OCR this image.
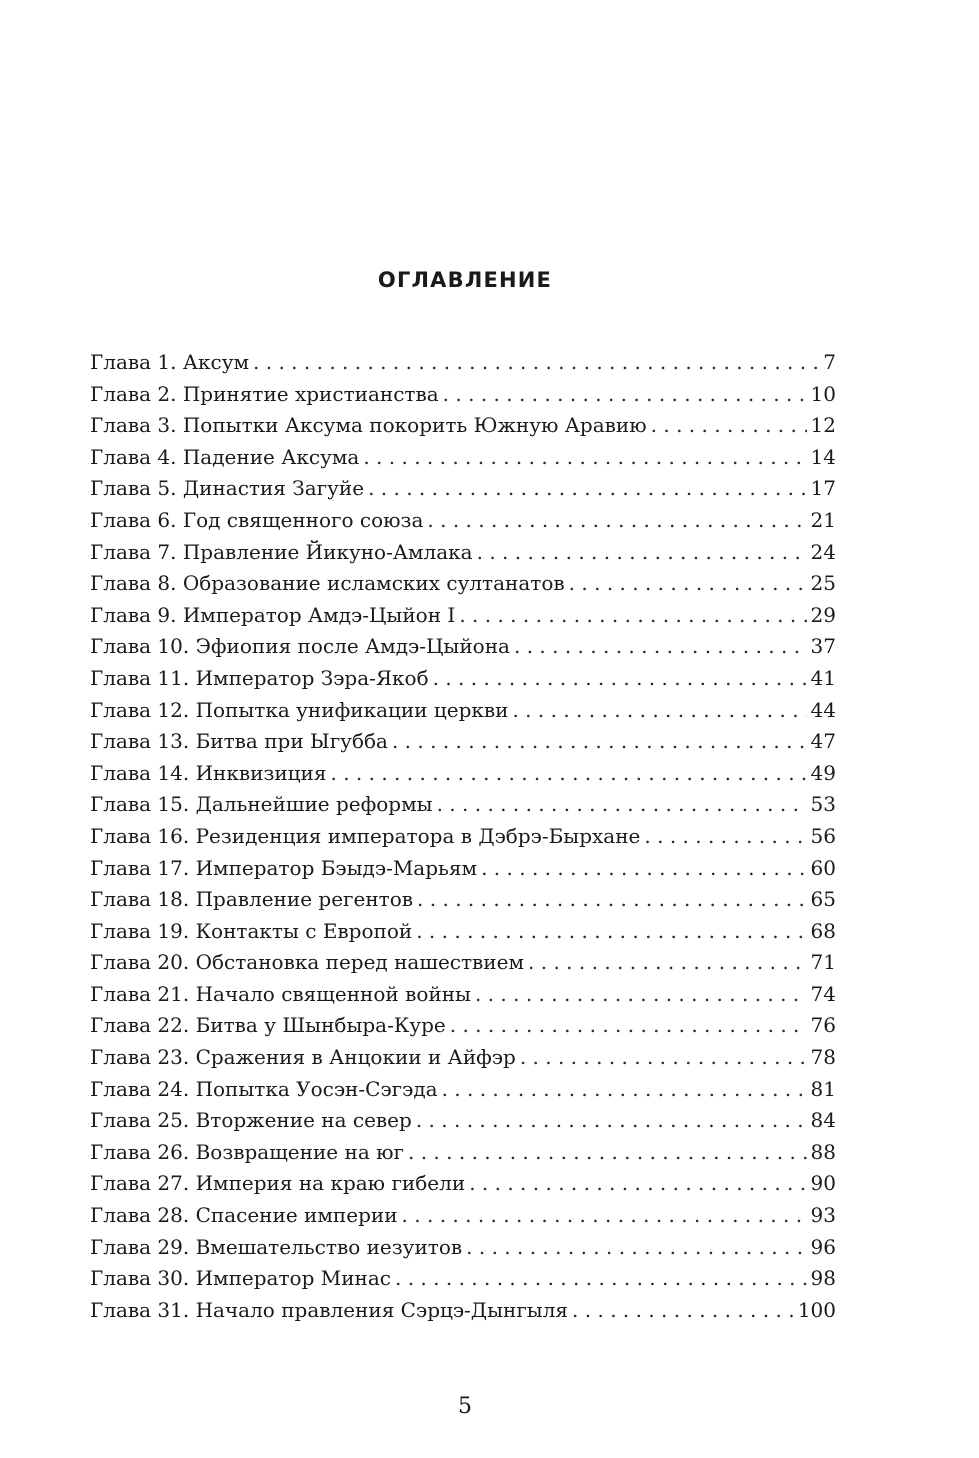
ОГЛАВЛЕНИЕ
Глава 1. Аксум . . .	7
Глава 2. Принятие христианства . . .	10
Глава 3. Попытки Аксума покорить Южную Аравию . . .	12
Глава 4. Падение Аксума . . .	14
Глава 5. Династия Загуйе . . .	17
Глава 6. Год священного союза . . .	21
Глава 7. Правление Йикуно-Амлака . . .	24
Глава 8. Образование исламских султанатов . . .	25
Глава 9. Император Амдэ-Цыйон I . . .	29
Глава 10. Эфиопия после Амдэ-Цыйона . . .	37
Глава 11. Император Зэра-Якоб . . .	41
Глава 12. Попытка унификации церкви . . .	44
Глава 13. Битва при Ыгубба . . .	47
Глава 14. Инквизиция . . .	49
Глава 15. Дальнейшие реформы . . .	53
Глава 16. Резиденция императора в Дэбрэ-Бырхане . . .	56
Глава 17. Император Бэыдэ-Марьям . . .	60
Глава 18. Правление регентов . . .	65
Глава 19. Контакты с Европой . . .	68
Глава 20. Обстановка перед нашествием . . .	71
Глава 21. Начало священной войны . . .	74
Глава 22. Битва у Шынбыра-Куре . . .	76
Глава 23. Сражения в Анцокии и Айфэр . . .	78
Глава 24. Попытка Уосэн-Сэгэда . . .	81
Глава 25. Вторжение на север . . .	84
Глава 26. Возвращение на юг . . .	88
Глава 27. Империя на краю гибели . . .	90
Глава 28. Спасение империи . . .	93
Глава 29. Вмешательство иезуитов . . .	96
Глава 30. Император Минас . . .	98
Глава 31. Начало правления Сэрцэ-Дынгыля . . .	100
5
